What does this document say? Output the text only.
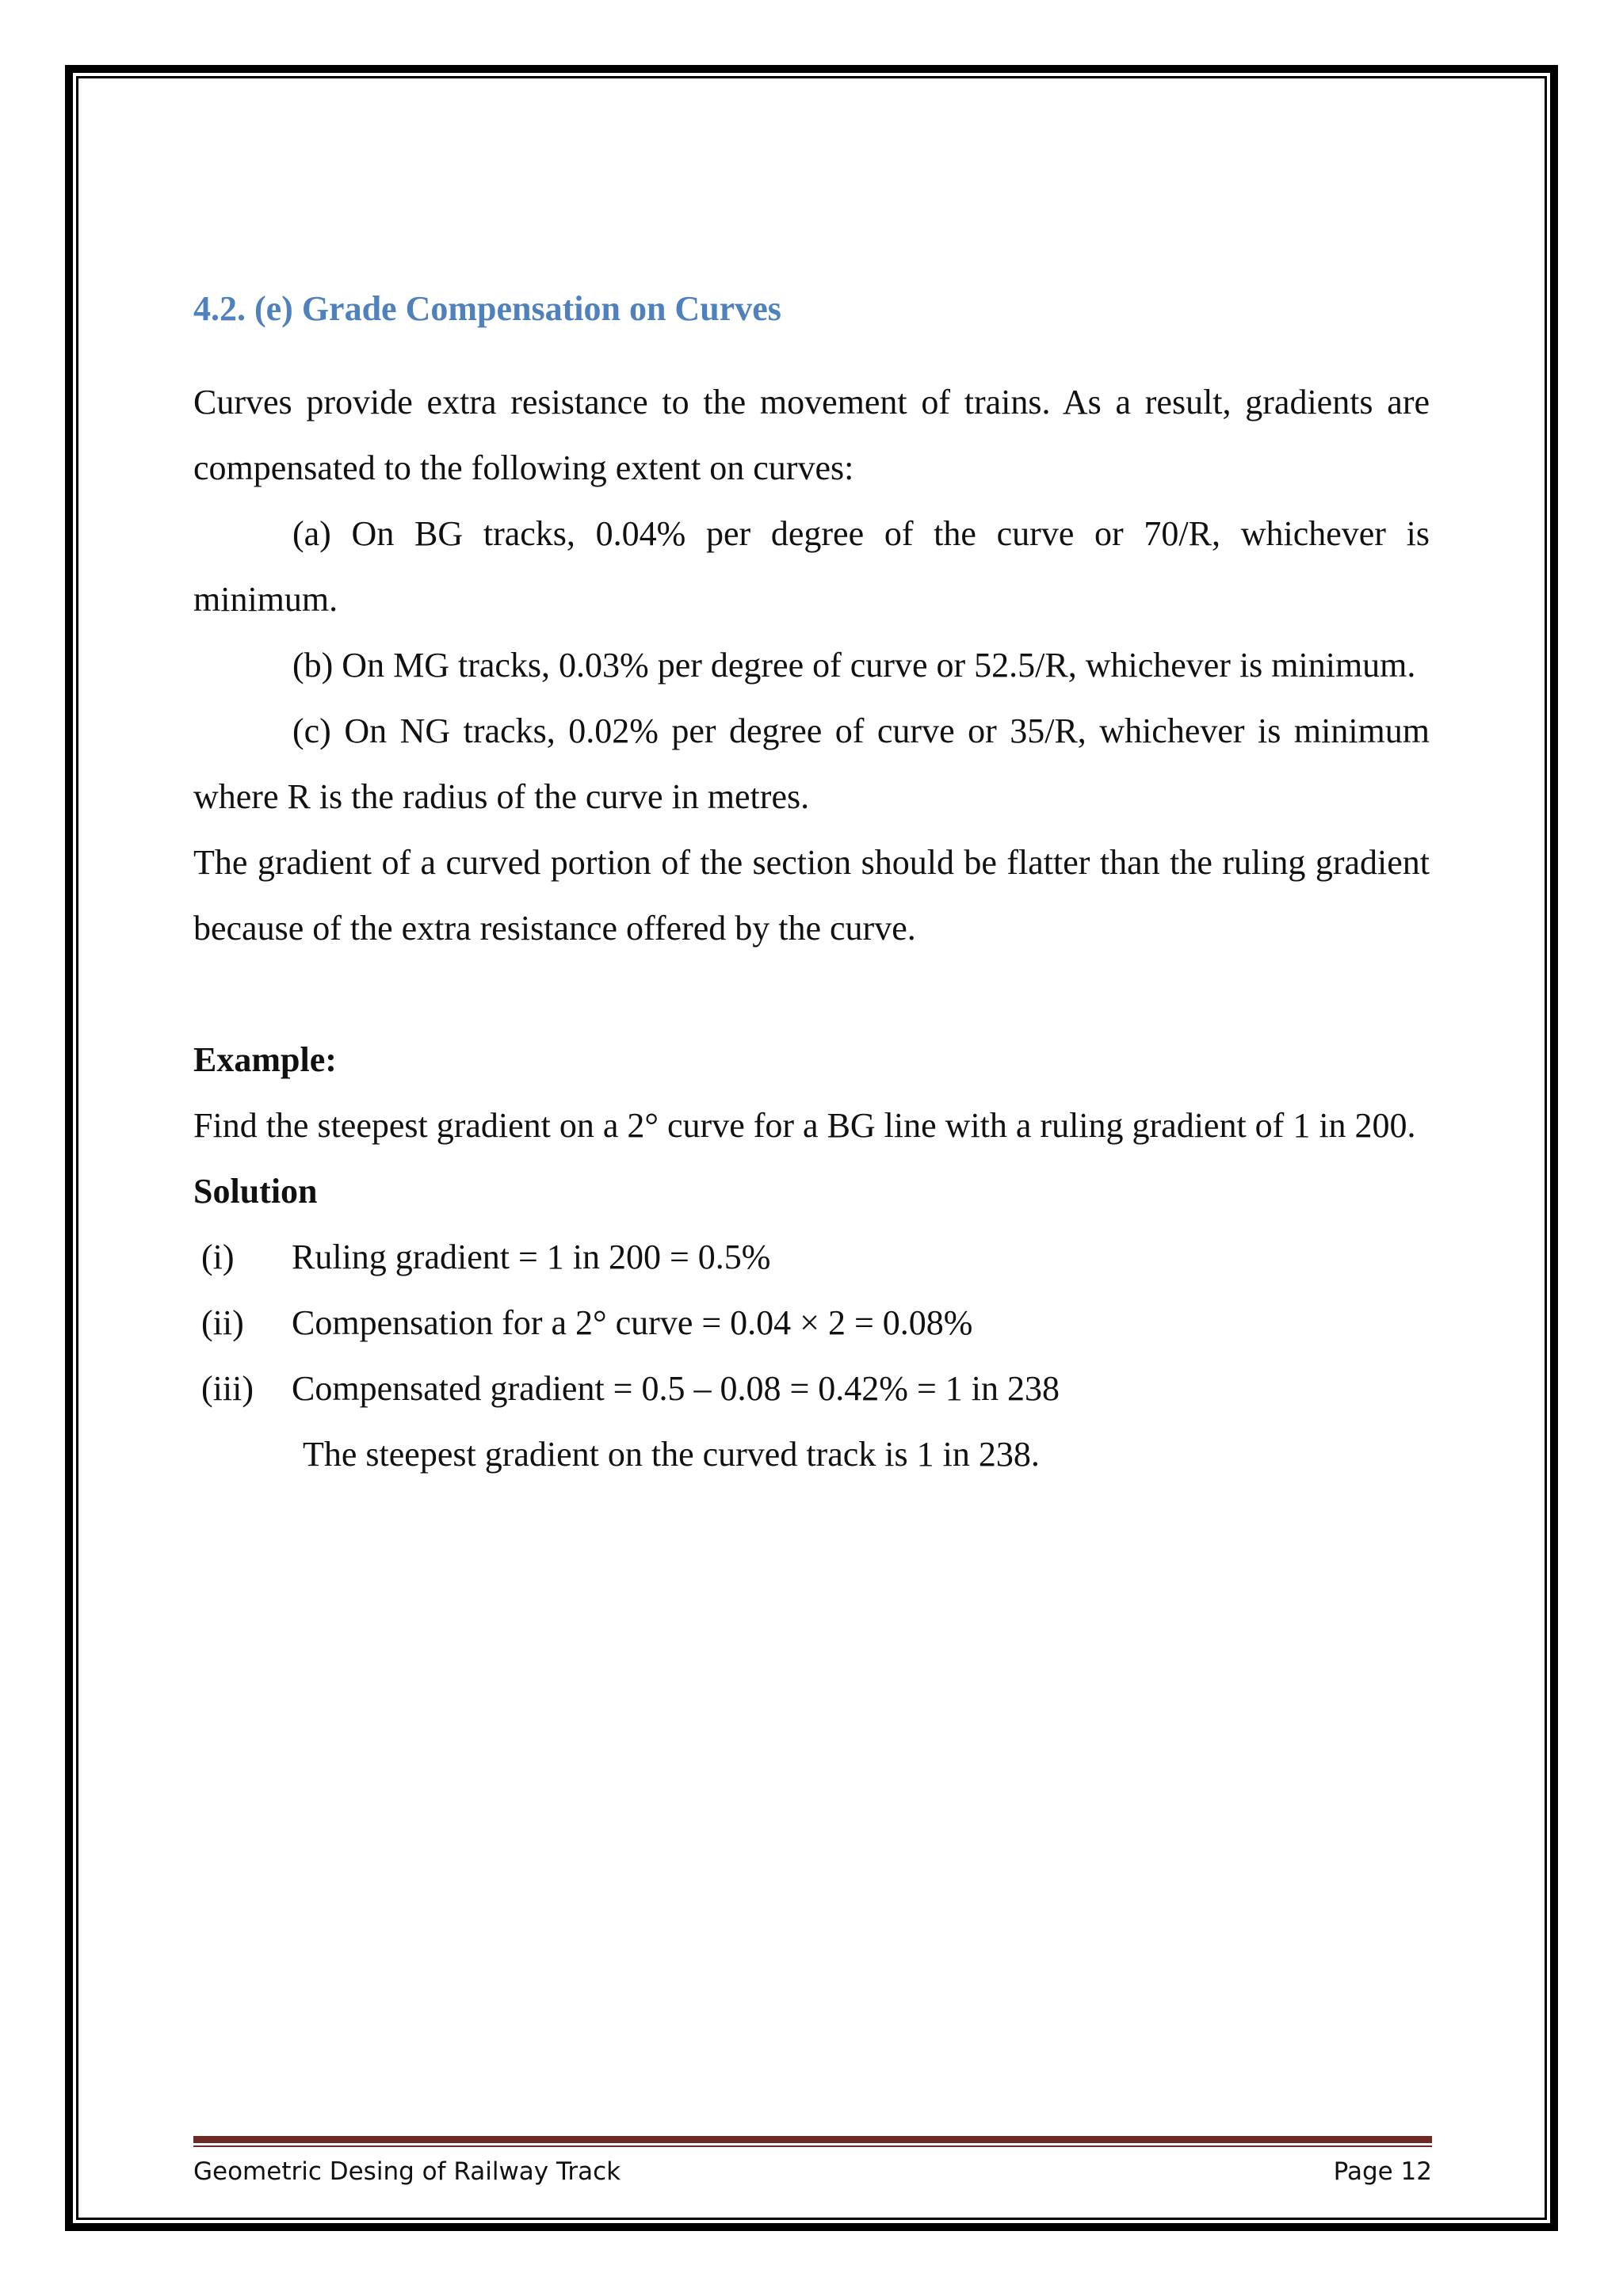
4.2. (e) Grade Compensation on Curves

Curves provide extra resistance to the movement of trains. As a result, gradients are compensated to the following extent on curves:

(a) On BG tracks, 0.04% per degree of the curve or 70/R, whichever is minimum.

(b) On MG tracks, 0.03% per degree of curve or 52.5/R, whichever is minimum.

(c) On NG tracks, 0.02% per degree of curve or 35/R, whichever is minimum where R is the radius of the curve in metres.

The gradient of a curved portion of the section should be flatter than the ruling gradient because of the extra resistance offered by the curve.

Example:

Find the steepest gradient on a 2° curve for a BG line with a ruling gradient of 1 in 200.

Solution

(i)	Ruling gradient = 1 in 200 = 0.5%
(ii)	Compensation for a 2° curve = 0.04 × 2 = 0.08%
(iii)	Compensated gradient = 0.5 – 0.08 = 0.42% = 1 in 238

The steepest gradient on the curved track is 1 in 238.

Geometric Desing of Railway Track	Page 12
